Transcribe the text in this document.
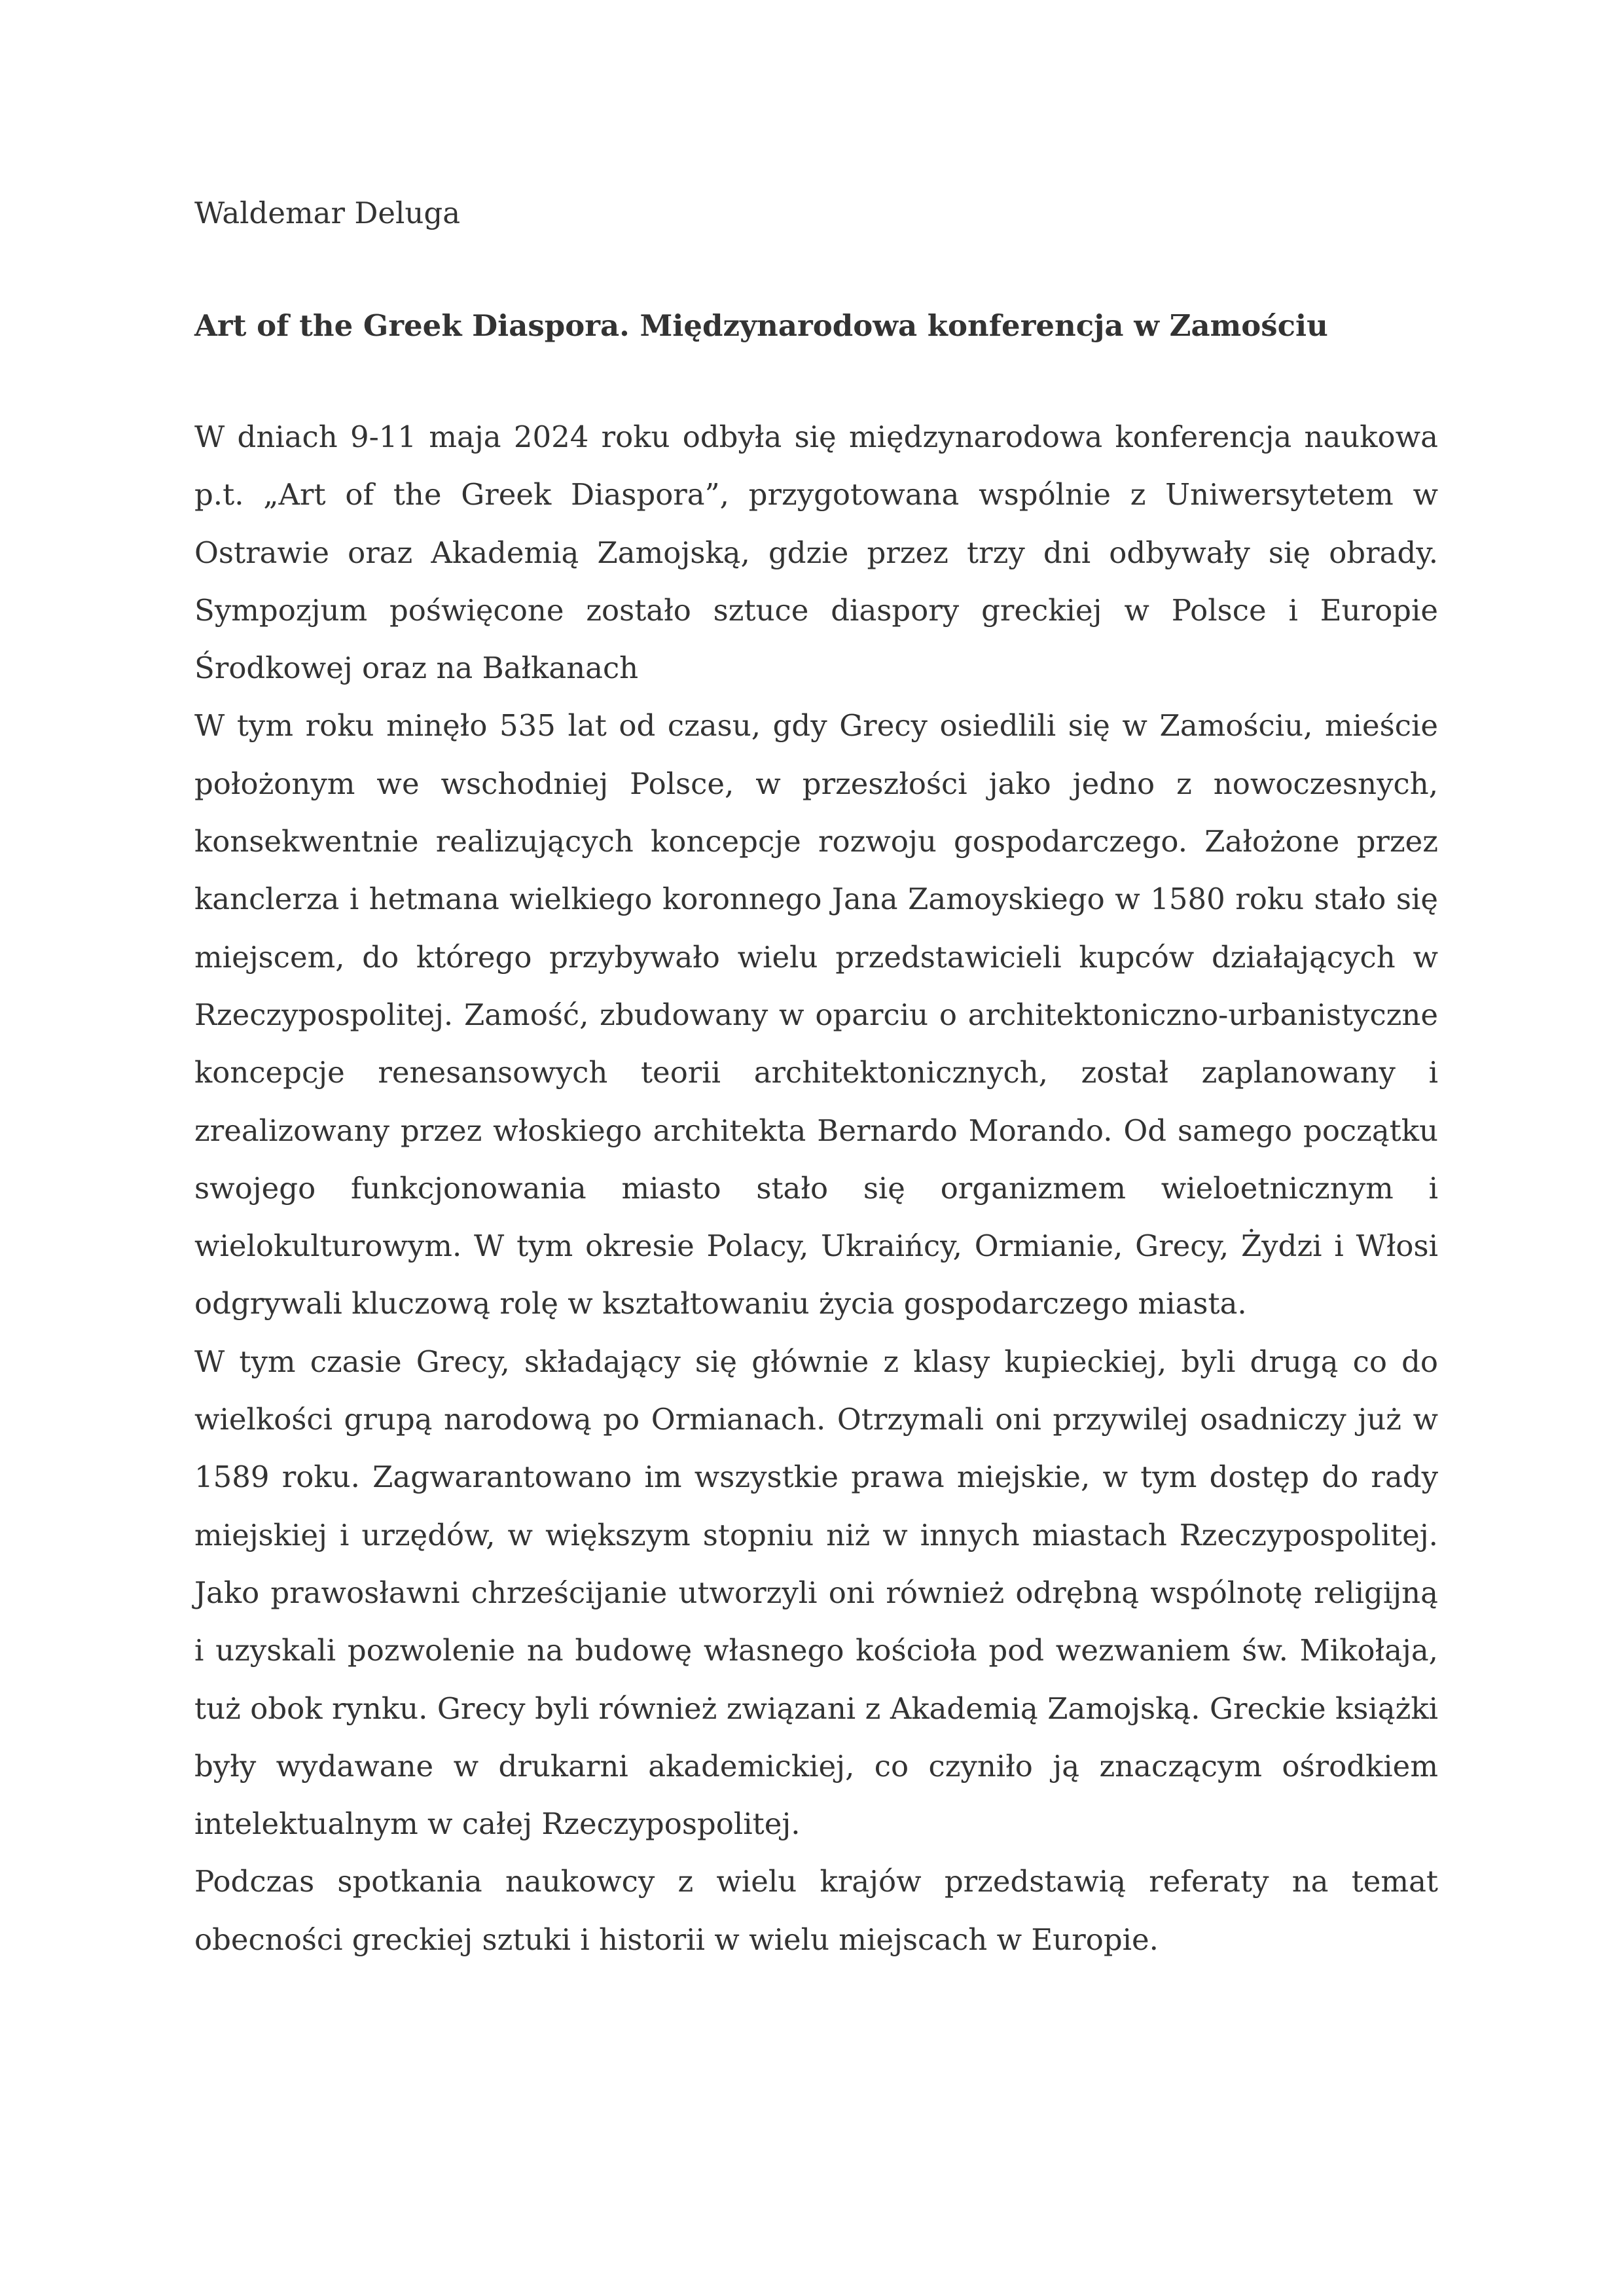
Waldemar Deluga

Art of the Greek Diaspora. Międzynarodowa konferencja w Zamościu

W dniach 9-11 maja 2024 roku odbyła się międzynarodowa konferencja naukowa p.t. „Art of the Greek Diaspora”, przygotowana wspólnie z Uniwersytetem w Ostrawie oraz Akademią Zamojską, gdzie przez trzy dni odbywały się obrady. Sympozjum poświęcone zostało sztuce diaspory greckiej w Polsce i Europie Środkowej oraz na Bałkanach

W tym roku minęło 535 lat od czasu, gdy Grecy osiedlili się w Zamościu, mieście położonym we wschodniej Polsce, w przeszłości jako jedno z nowoczesnych, konsekwentnie realizujących koncepcje rozwoju gospodarczego. Założone przez kanclerza i hetmana wielkiego koronnego Jana Zamoyskiego w 1580 roku stało się miejscem, do którego przybywało wielu przedstawicieli kupców działających w Rzeczypospolitej. Zamość, zbudowany w oparciu o architektoniczno-urbanistyczne koncepcje renesansowych teorii architektonicznych, został zaplanowany i zrealizowany przez włoskiego architekta Bernardo Morando. Od samego początku swojego funkcjonowania miasto stało się organizmem wieloetnicznym i wielokulturowym. W tym okresie Polacy, Ukraińcy, Ormianie, Grecy, Żydzi i Włosi odgrywali kluczową rolę w kształtowaniu życia gospodarczego miasta.

W tym czasie Grecy, składający się głównie z klasy kupieckiej, byli drugą co do wielkości grupą narodową po Ormianach. Otrzymali oni przywilej osadniczy już w 1589 roku. Zagwarantowano im wszystkie prawa miejskie, w tym dostęp do rady miejskiej i urzędów, w większym stopniu niż w innych miastach Rzeczypospolitej. Jako prawosławni chrześcijanie utworzyli oni również odrębną wspólnotę religijną i uzyskali pozwolenie na budowę własnego kościoła pod wezwaniem św. Mikołaja, tuż obok rynku. Grecy byli również związani z Akademią Zamojską. Greckie książki były wydawane w drukarni akademickiej, co czyniło ją znaczącym ośrodkiem intelektualnym w całej Rzeczypospolitej.

Podczas spotkania naukowcy z wielu krajów przedstawią referaty na temat obecności greckiej sztuki i historii w wielu miejscach w Europie.
